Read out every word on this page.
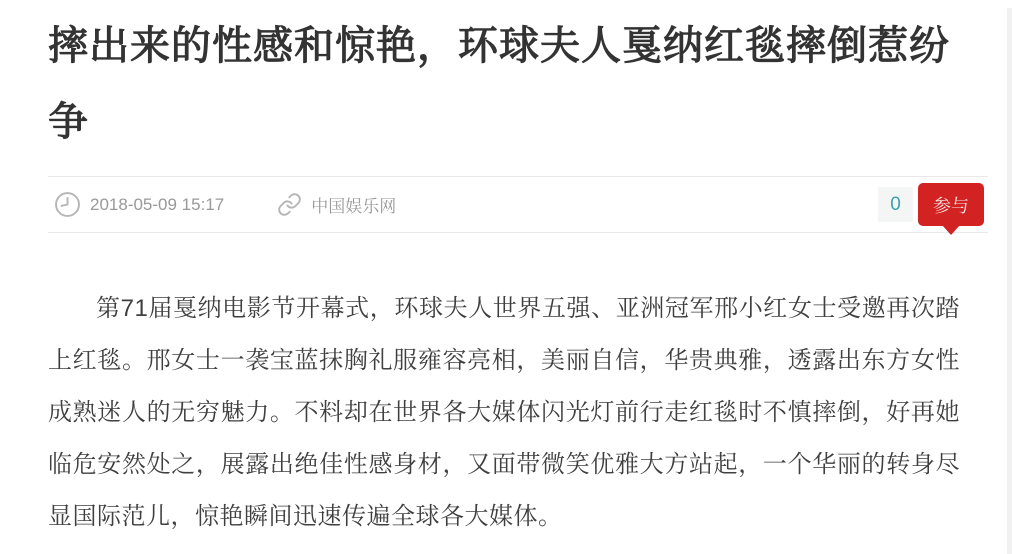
摔出来的性感和惊艳，环球夫人戛纳红毯摔倒惹纷争
2018-05-09 15:17	中国娱乐网	0	参与

第71届戛纳电影节开幕式，环球夫人世界五强、亚洲冠军邢小红女士受邀再次踏上红毯。邢女士一袭宝蓝抹胸礼服雍容亮相，美丽自信，华贵典雅，透露出东方女性成熟迷人的无穷魅力。不料却在世界各大媒体闪光灯前行走红毯时不慎摔倒，好再她临危安然处之，展露出绝佳性感身材，又面带微笑优雅大方站起，一个华丽的转身尽显国际范儿，惊艳瞬间迅速传遍全球各大媒体。
